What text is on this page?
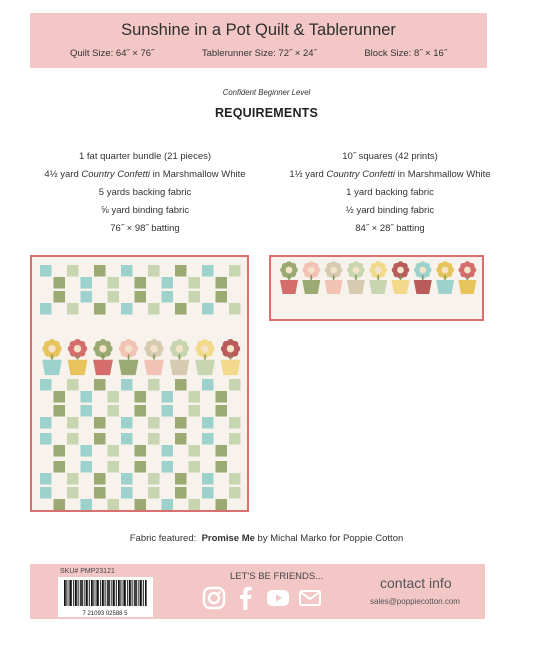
Sunshine in a Pot Quilt & Tablerunner
Quilt Size: 64˝ × 76˝	Tablerunner Size: 72˝ × 24˝	Block Size: 8˝ × 16˝
Confident Beginner Level
REQUIREMENTS
1 fat quarter bundle (21 pieces)
4½ yard Country Confetti in Marshmallow White
5 yards backing fabric
⅝ yard binding fabric
76˝ × 98˝ batting
10˝ squares (42 prints)
1½ yard Country Confetti in Marshmallow White
1 yard backing fabric
½ yard binding fabric
84˝ × 28˝ batting
Fabric featured: Promise Me by Michal Marko for Poppie Cotton
SKU# PMP23121
7 21093 02588 5
LET'S BE FRIENDS...	contact info
sales@poppiecotton.com
